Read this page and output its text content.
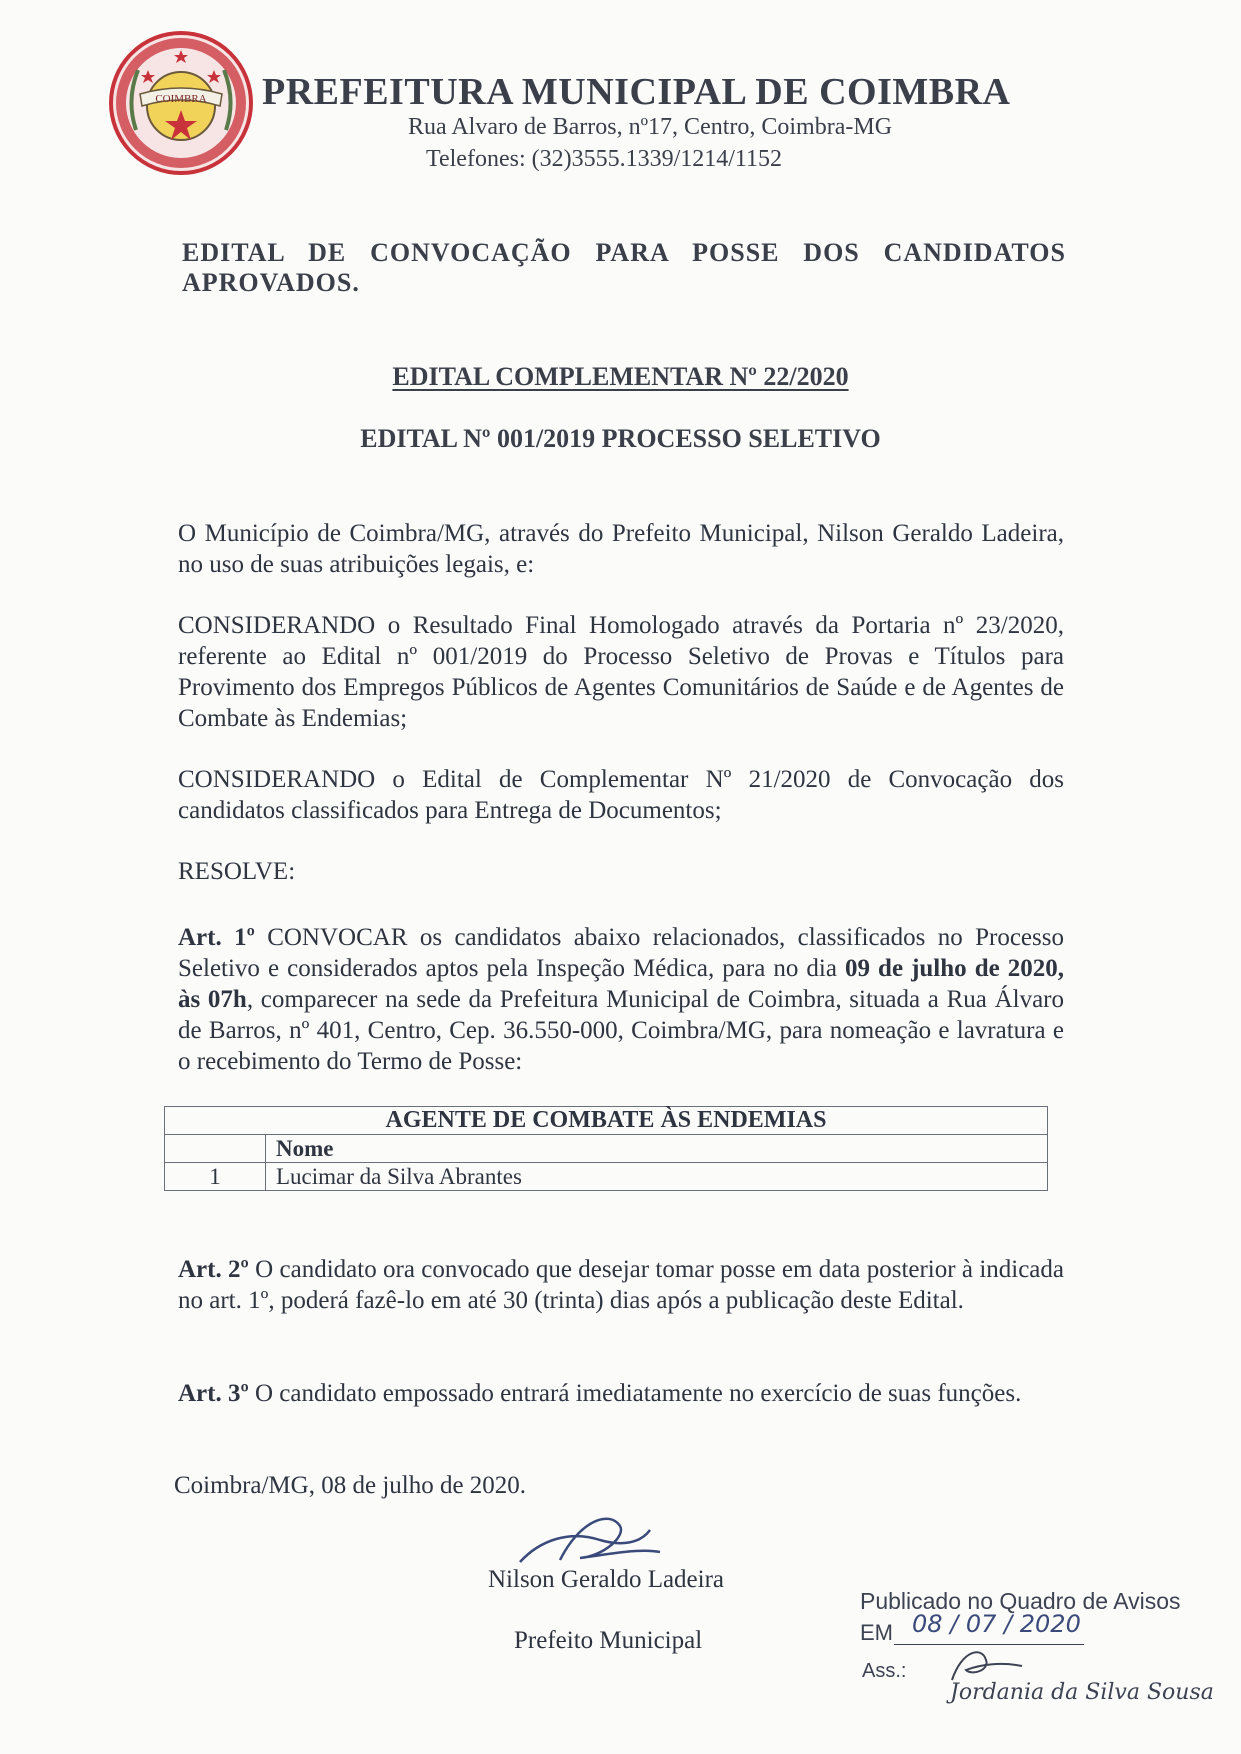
COIMBRA PREFEITURA MUNICIPAL DE COIMBRA
Rua Alvaro de Barros, nº17, Centro, Coimbra-MG
Telefones: (32)3555.1339/1214/1152
EDITAL DE CONVOCAÇÃO PARA POSSE DOS CANDIDATOS
APROVADOS.
EDITAL COMPLEMENTAR Nº 22/2020
EDITAL Nº 001/2019 PROCESSO SELETIVO
O Município de Coimbra/MG, através do Prefeito Municipal, Nilson Geraldo Ladeira, no uso de suas atribuições legais, e:
CONSIDERANDO o Resultado Final Homologado através da Portaria nº 23/2020, referente ao Edital nº 001/2019 do Processo Seletivo de Provas e Títulos para Provimento dos Empregos Públicos de Agentes Comunitários de Saúde e de Agentes de Combate às Endemias;
CONSIDERANDO o Edital de Complementar Nº 21/2020 de Convocação dos candidatos classificados para Entrega de Documentos;
RESOLVE:
Art. 1º CONVOCAR os candidatos abaixo relacionados, classificados no Processo Seletivo e considerados aptos pela Inspeção Médica, para no dia 09 de julho de 2020, às 07h, comparecer na sede da Prefeitura Municipal de Coimbra, situada a Rua Álvaro de Barros, nº 401, Centro, Cep. 36.550-000, Coimbra/MG, para nomeação e lavratura e o recebimento do Termo de Posse:
AGENTE DE COMBATE ÀS ENDEMIAS	
	Nome
1	Lucimar da Silva Abrantes
Art. 2º O candidato ora convocado que desejar tomar posse em data posterior à indicada no art. 1º, poderá fazê-lo em até 30 (trinta) dias após a publicação deste Edital.
Art. 3º O candidato empossado entrará imediatamente no exercício de suas funções.
Coimbra/MG, 08 de julho de 2020.
Nilson Geraldo Ladeira
Prefeito Municipal
Publicado no Quadro de Avisos
EM 08 / 07 / 2020
Ass.:
Jordania da Silva Sousa
